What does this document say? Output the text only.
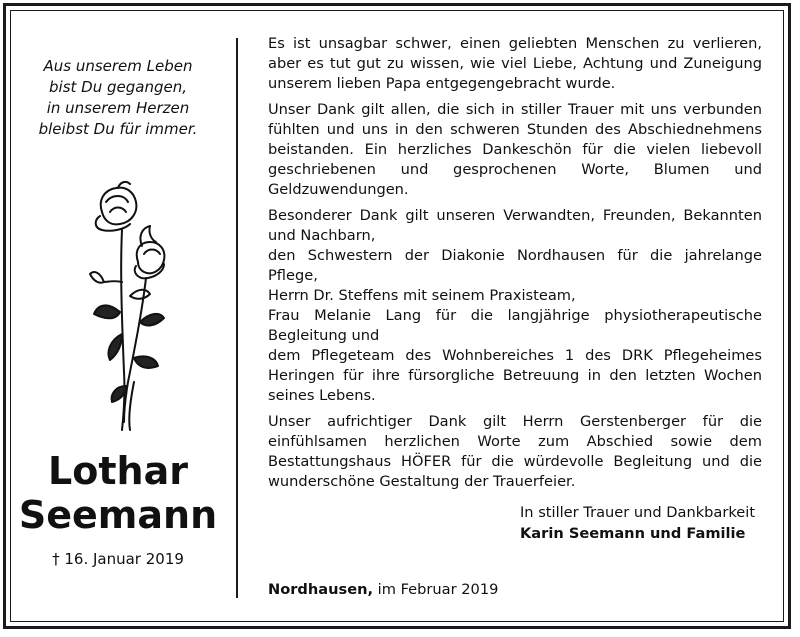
Aus unserem Leben
bist Du gegangen,
in unserem Herzen
bleibst Du für immer.
Lothar
Seemann
† 16. Januar 2019

Es ist unsagbar schwer, einen geliebten Menschen zu verlieren, aber es tut gut zu wissen, wie viel Liebe, Achtung und Zuneigung unserem lieben Papa entgegengebracht wurde.

Unser Dank gilt allen, die sich in stiller Trauer mit uns verbunden fühlten und uns in den schweren Stunden des Abschiednehmens beistanden. Ein herzliches Dankeschön für die vielen liebevoll geschriebenen und gesprochenen Worte, Blumen und Geldzuwendungen.

Besonderer Dank gilt unseren Verwandten, Freunden, Bekannten und Nachbarn,

den Schwestern der Diakonie Nordhausen für die jahrelange Pflege,

Herrn Dr. Steffens mit seinem Praxisteam,

Frau Melanie Lang für die langjährige physiotherapeutische Begleitung und

dem Pflegeteam des Wohnbereiches 1 des DRK Pflegeheimes Heringen für ihre fürsorgliche Betreuung in den letzten Wochen seines Lebens.

Unser aufrichtiger Dank gilt Herrn Gerstenberger für die einfühlsamen herzlichen Worte zum Abschied sowie dem Bestattungshaus HÖFER für die würdevolle Begleitung und die wunderschöne Gestaltung der Trauerfeier.

In stiller Trauer und Dankbarkeit
Karin Seemann und Familie
Nordhausen, im Februar 2019
